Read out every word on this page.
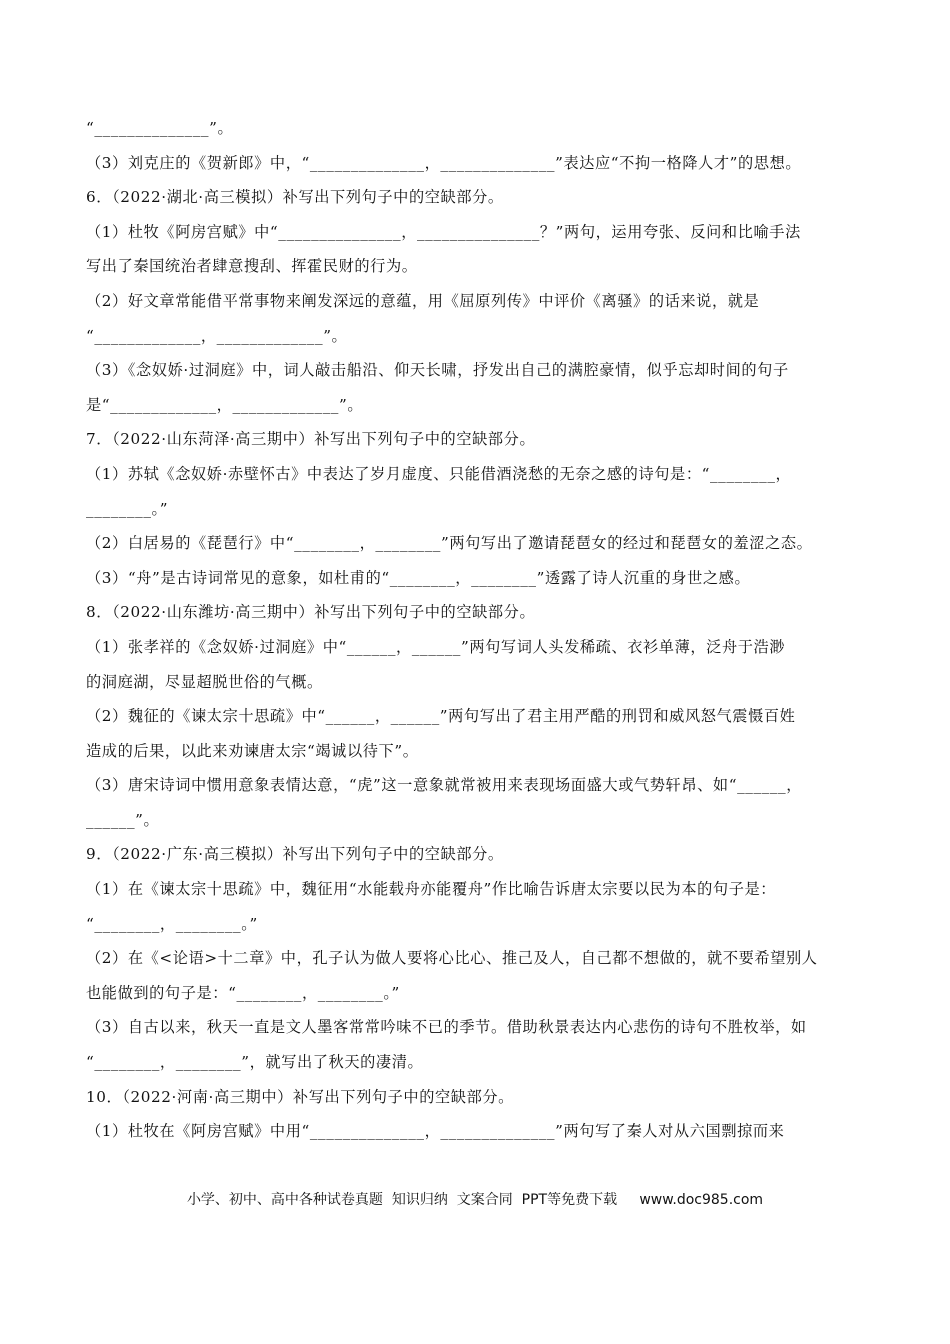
“______________”。
（3）刘克庄的《贺新郎》中，“______________，______________”表达应“不拘一格降人才”的思想。
6．（2022·湖北·高三模拟）补写出下列句子中的空缺部分。
（1）杜牧《阿房宫赋》中“_______________，_______________？”两句，运用夸张、反问和比喻手法
写出了秦国统治者肆意搜刮、挥霍民财的行为。
（2）好文章常能借平常事物来阐发深远的意蕴，用《屈原列传》中评价《离骚》的话来说，就是
“_____________，_____________”。
（3）《念奴娇·过洞庭》中，词人敲击船沿、仰天长啸，抒发出自己的满腔豪情，似乎忘却时间的句子
是“_____________，_____________”。
7．（2022·山东菏泽·高三期中）补写出下列句子中的空缺部分。
（1）苏轼《念奴娇·赤壁怀古》中表达了岁月虚度、只能借酒浇愁的无奈之感的诗句是：“________，
________。”
（2）白居易的《琵琶行》中“________，________”两句写出了邀请琵琶女的经过和琵琶女的羞涩之态。
（3）“舟”是古诗词常见的意象，如杜甫的“________，________”透露了诗人沉重的身世之感。
8．（2022·山东潍坊·高三期中）补写出下列句子中的空缺部分。
（1）张孝祥的《念奴娇·过洞庭》中“______，______”两句写词人头发稀疏、衣衫单薄，泛舟于浩渺
的洞庭湖，尽显超脱世俗的气概。
（2）魏征的《谏太宗十思疏》中“______，______”两句写出了君主用严酷的刑罚和威风怒气震慑百姓
造成的后果，以此来劝谏唐太宗“竭诚以待下”。
（3）唐宋诗词中惯用意象表情达意，“虎”这一意象就常被用来表现场面盛大或气势轩昂、如“______，
______”。
9．（2022·广东·高三模拟）补写出下列句子中的空缺部分。
（1）在《谏太宗十思疏》中，魏征用“水能载舟亦能覆舟”作比喻告诉唐太宗要以民为本的句子是：
“________，________。”
（2）在《<论语>十二章》中，孔子认为做人要将心比心、推己及人，自己都不想做的，就不要希望别人
也能做到的句子是：“________，________。”
（3）自古以来，秋天一直是文人墨客常常吟味不已的季节。借助秋景表达内心悲伤的诗句不胜枚举，如
“________，________”，就写出了秋天的凄清。
10．（2022·河南·高三期中）补写出下列句子中的空缺部分。
（1）杜牧在《阿房宫赋》中用“______________，______________”两句写了秦人对从六国剽掠而来
小学、初中、高中各种试卷真题  知识归纳  文案合同  PPT等免费下载     www.doc985.com
